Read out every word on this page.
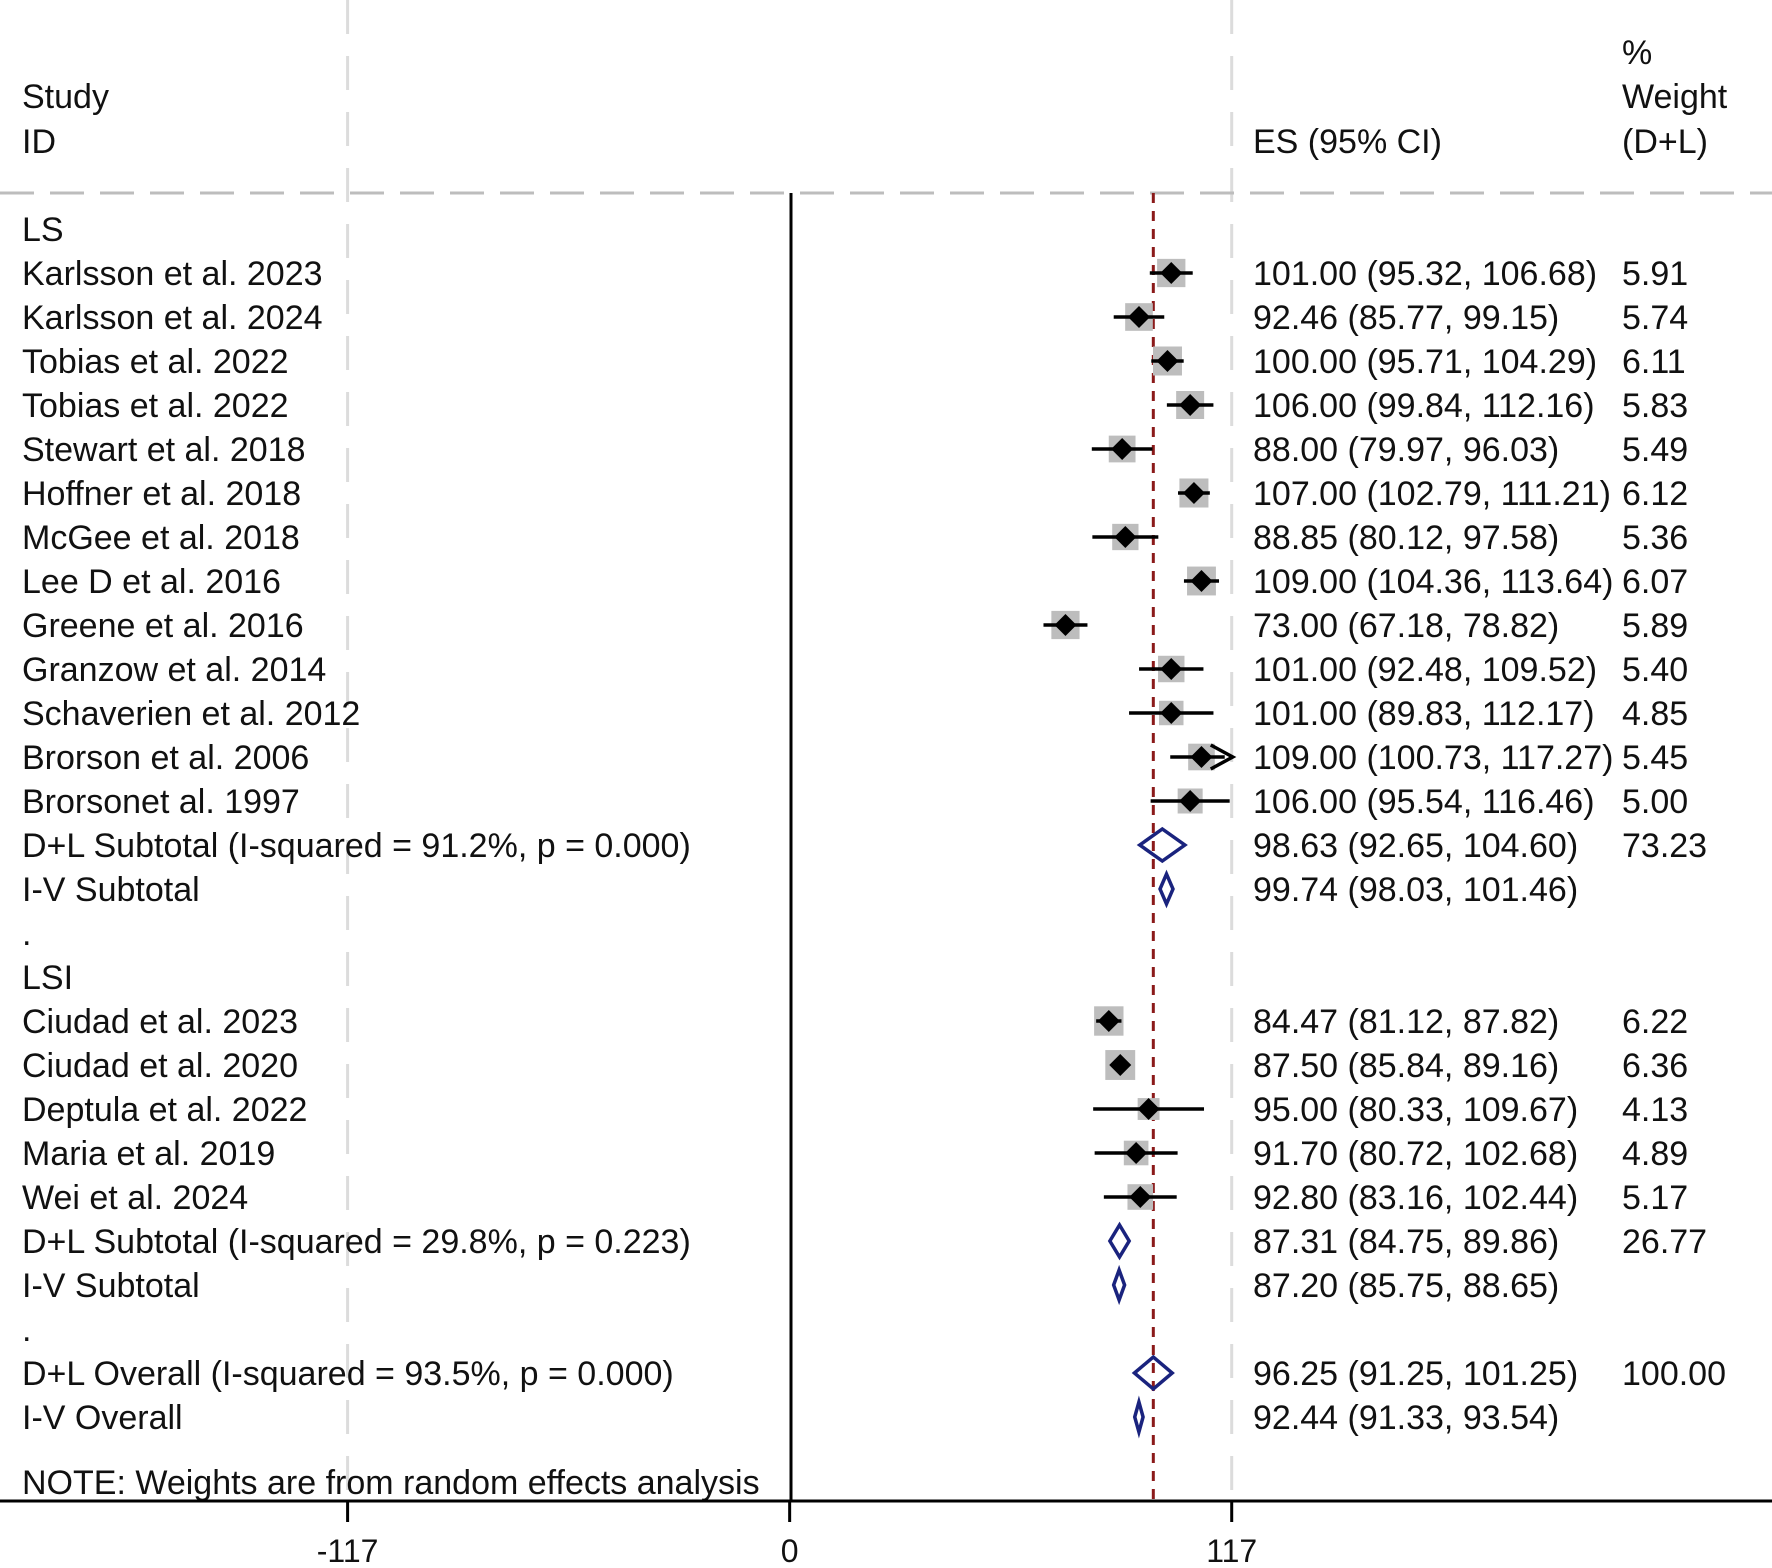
Study
ID	ES (95% CI)
%
Weight
(D+L)
LS
Karlsson et al. 2023	101.00 (95.32, 106.68) 5.91
Karlsson et al. 2024	92.46 (85.77, 99.15) 5.74
Tobias et al. 2022	100.00 (95.71, 104.29) 6.11
Tobias et al. 2022	106.00 (99.84, 112.16) 5.83
Stewart et al. 2018	88.00 (79.97, 96.03) 5.49
Hoffner et al. 2018	107.00 (102.79, 111.21) 6.12
McGee et al. 2018	88.85 (80.12, 97.58) 5.36
Lee D et al. 2016	109.00 (104.36, 113.64) 6.07
Greene et al. 2016	73.00 (67.18, 78.82) 5.89
Granzow et al. 2014	101.00 (92.48, 109.52) 5.40
Schaverien et al. 2012	101.00 (89.83, 112.17) 4.85
Brorson et al. 2006	109.00 (100.73, 117.27) 5.45
Brorsonet al. 1997	106.00 (95.54, 116.46) 5.00
D+L Subtotal (I-squared = 91.2%, p = 0.000)	98.63 (92.65, 104.60) 73.23
I-V Subtotal	99.74 (98.03, 101.46)
.
LSI
Ciudad et al. 2023	84.47 (81.12, 87.82) 6.22
Ciudad et al. 2020	87.50 (85.84, 89.16) 6.36
Deptula et al. 2022	95.00 (80.33, 109.67) 4.13
Maria et al. 2019	91.70 (80.72, 102.68) 4.89
Wei et al. 2024	92.80 (83.16, 102.44) 5.17
D+L Subtotal (I-squared = 29.8%, p = 0.223)	87.31 (84.75, 89.86) 26.77
I-V Subtotal	87.20 (85.75, 88.65)
.
D+L Overall (I-squared = 93.5%, p = 0.000)	96.25 (91.25, 101.25) 100.00
I-V Overall	92.44 (91.33, 93.54)
NOTE: Weights are from random effects analysis
-117	0	117
